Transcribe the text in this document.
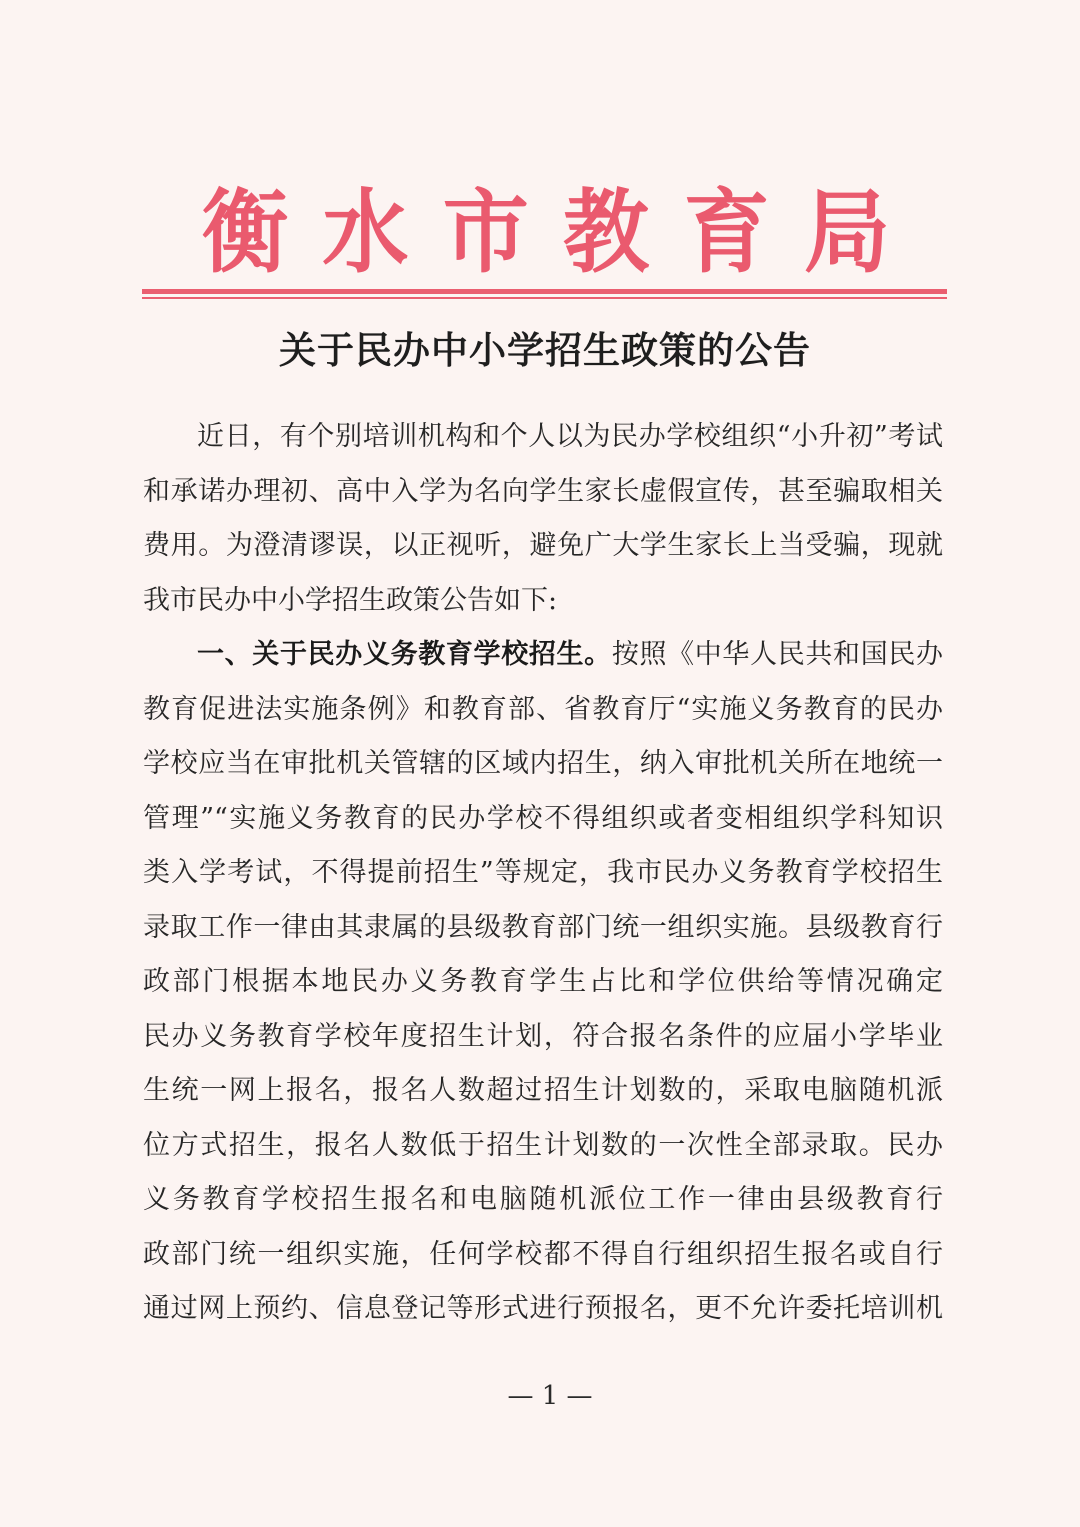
衡 水 市 教 育 局
关于民办中小学招生政策的公告
近日，有个别培训机构和个人以为民办学校组织“小升初”考试
和承诺办理初、高中入学为名向学生家长虚假宣传，甚至骗取相关
费用。为澄清谬误，以正视听，避免广大学生家长上当受骗，现就
我市民办中小学招生政策公告如下:
一、关于民办义务教育学校招生。按照《中华人民共和国民办
教育促进法实施条例》和教育部、省教育厅“实施义务教育的民办
学校应当在审批机关管辖的区域内招生，纳入审批机关所在地统一
管理”“实施义务教育的民办学校不得组织或者变相组织学科知识
类入学考试，不得提前招生”等规定，我市民办义务教育学校招生
录取工作一律由其隶属的县级教育部门统一组织实施。县级教育行
政部门根据本地民办义务教育学生占比和学位供给等情况确定
民办义务教育学校年度招生计划，符合报名条件的应届小学毕业
生统一网上报名，报名人数超过招生计划数的，采取电脑随机派
位方式招生，报名人数低于招生计划数的一次性全部录取。民办
义务教育学校招生报名和电脑随机派位工作一律由县级教育行
政部门统一组织实施，任何学校都不得自行组织招生报名或自行
通过网上预约、信息登记等形式进行预报名，更不允许委托培训机
— 1 —
